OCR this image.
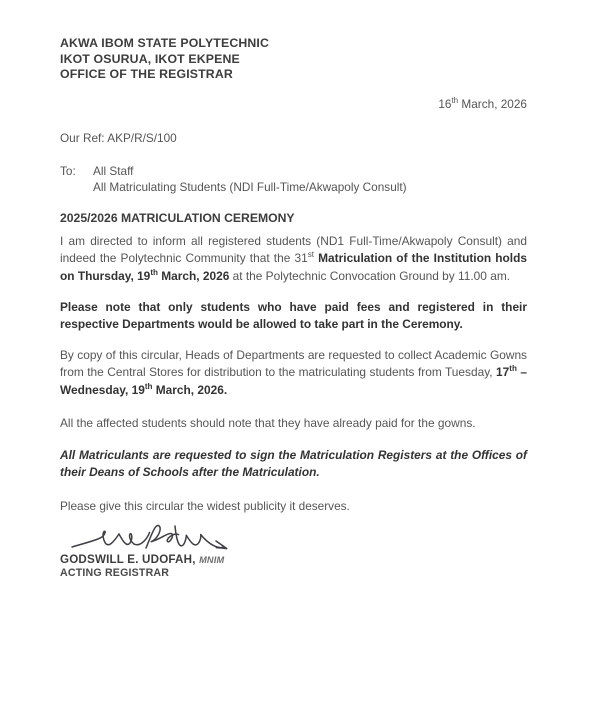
AKWA IBOM STATE POLYTECHNIC
IKOT OSURUA, IKOT EKPENE
OFFICE OF THE REGISTRAR
16th March, 2026
Our Ref: AKP/R/S/100
To:	All Staff
All Matriculating Students (NDI Full-Time/Akwapoly Consult)
2025/2026 MATRICULATION CEREMONY

I am directed to inform all registered students (ND1 Full-Time/Akwapoly Consult) and indeed the Polytechnic Community that the 31st Matriculation of the Institution holds on Thursday, 19th March, 2026 at the Polytechnic Convocation Ground by 11.00 am.

Please note that only students who have paid fees and registered in their respective Departments would be allowed to take part in the Ceremony.

By copy of this circular, Heads of Departments are requested to collect Academic Gowns from the Central Stores for distribution to the matriculating students from Tuesday, 17th – Wednesday, 19th March, 2026.

All the affected students should note that they have already paid for the gowns.

All Matriculants are requested to sign the Matriculation Registers at the Offices of their Deans of Schools after the Matriculation.

Please give this circular the widest publicity it deserves.
GODSWILL E. UDOFAH, MNIM
ACTING REGISTRAR
